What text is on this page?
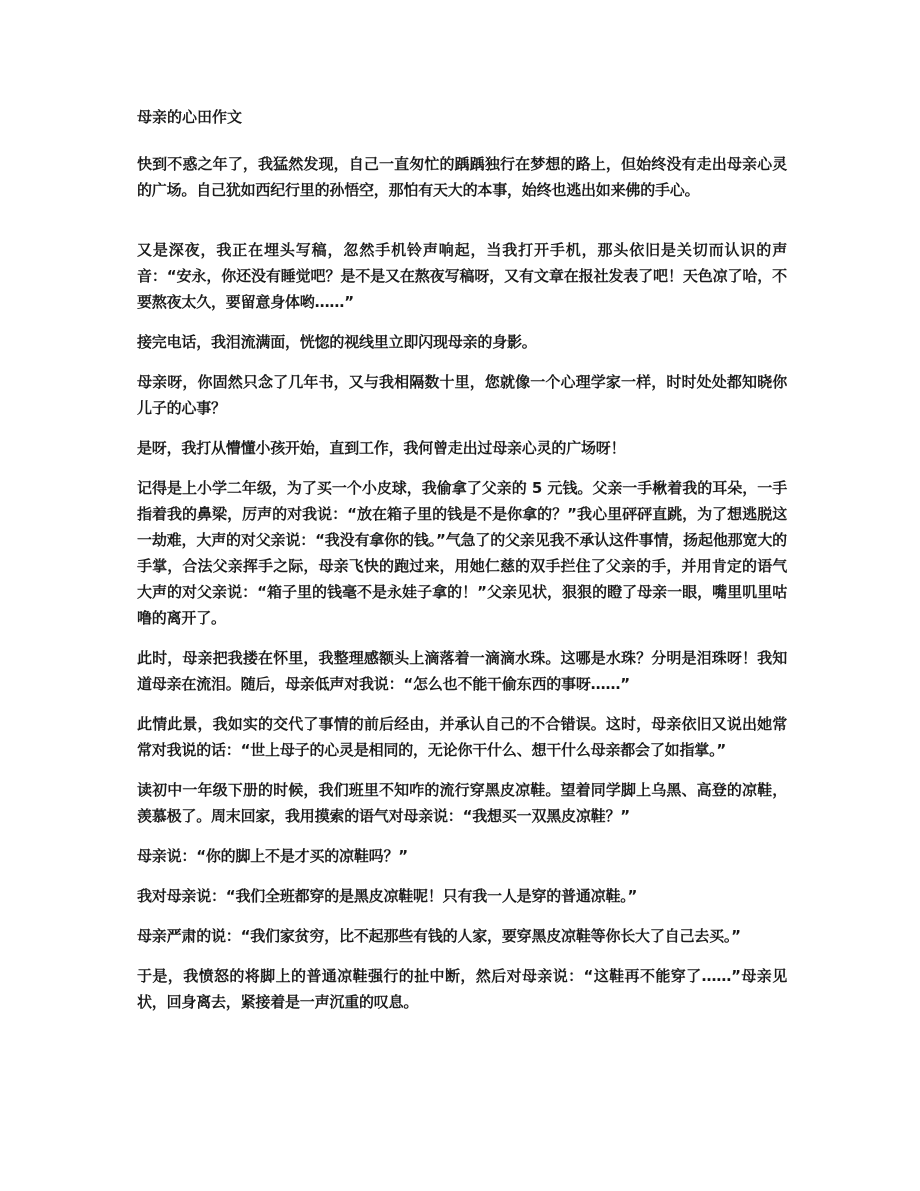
母亲的心田作文

快到不惑之年了，我猛然发现，自己一直匆忙的踽踽独行在梦想的路上，但始终没有走出母亲心灵的广场。自己犹如西纪行里的孙悟空，那怕有天大的本事，始终也逃出如来佛的手心。

又是深夜，我正在埋头写稿，忽然手机铃声响起，当我打开手机，那头依旧是关切而认识的声音：“安永，你还没有睡觉吧？是不是又在熬夜写稿呀，又有文章在报社发表了吧！天色凉了哈，不要熬夜太久，要留意身体哟……”

接完电话，我泪流满面，恍惚的视线里立即闪现母亲的身影。

母亲呀，你固然只念了几年书，又与我相隔数十里，您就像一个心理学家一样，时时处处都知晓你儿子的心事？

是呀，我打从懵懂小孩开始，直到工作，我何曾走出过母亲心灵的广场呀！

记得是上小学二年级，为了买一个小皮球，我偷拿了父亲的 5 元钱。父亲一手楸着我的耳朵，一手指着我的鼻梁，厉声的对我说：“放在箱子里的钱是不是你拿的？”我心里砰砰直跳，为了想逃脱这一劫难，大声的对父亲说：“我没有拿你的钱。”气急了的父亲见我不承认这件事情，扬起他那宽大的手掌，合法父亲挥手之际，母亲飞快的跑过来，用她仁慈的双手拦住了父亲的手，并用肯定的语气大声的对父亲说：“箱子里的钱毫不是永娃子拿的！”父亲见状，狠狠的瞪了母亲一眼，嘴里叽里咕噜的离开了。

此时，母亲把我搂在怀里，我整理感额头上滴落着一滴滴水珠。这哪是水珠？分明是泪珠呀！我知道母亲在流泪。随后，母亲低声对我说：“怎么也不能干偷东西的事呀……”

此情此景，我如实的交代了事情的前后经由，并承认自己的不合错误。这时，母亲依旧又说出她常常对我说的话：“世上母子的心灵是相同的，无论你干什么、想干什么母亲都会了如指掌。”

读初中一年级下册的时候，我们班里不知咋的流行穿黑皮凉鞋。望着同学脚上乌黑、高登的凉鞋，羡慕极了。周末回家，我用摸索的语气对母亲说：“我想买一双黑皮凉鞋？”

母亲说：“你的脚上不是才买的凉鞋吗？”

我对母亲说：“我们全班都穿的是黑皮凉鞋呢！只有我一人是穿的普通凉鞋。”

母亲严肃的说：“我们家贫穷，比不起那些有钱的人家，要穿黑皮凉鞋等你长大了自己去买。”

于是，我愤怒的将脚上的普通凉鞋强行的扯中断，然后对母亲说：“这鞋再不能穿了……”母亲见状，回身离去，紧接着是一声沉重的叹息。
